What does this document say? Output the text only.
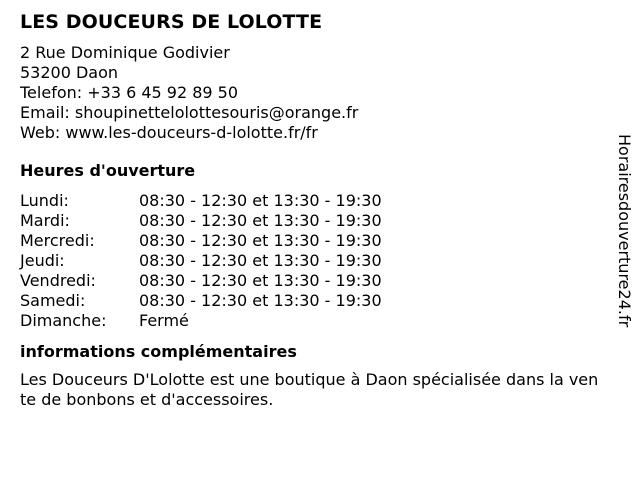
LES DOUCEURS DE LOLOTTE
2 Rue Dominique Godivier
53200 Daon
Telefon: +33 6 45 92 89 50
Email: shoupinettelolottesouris@orange.fr
Web: www.les-douceurs-d-lolotte.fr/fr
Heures d'ouverture
Lundi:	08:30 - 12:30 et 13:30 - 19:30
Mardi:	08:30 - 12:30 et 13:30 - 19:30
Mercredi:	08:30 - 12:30 et 13:30 - 19:30
Jeudi:	08:30 - 12:30 et 13:30 - 19:30
Vendredi:	08:30 - 12:30 et 13:30 - 19:30
Samedi:	08:30 - 12:30 et 13:30 - 19:30
Dimanche:	Fermé
informations complémentaires

Les Douceurs D'Lolotte est une boutique à Daon spécialisée dans la vente de bonbons et d'accessoires.

Horairesdouverture24.fr
